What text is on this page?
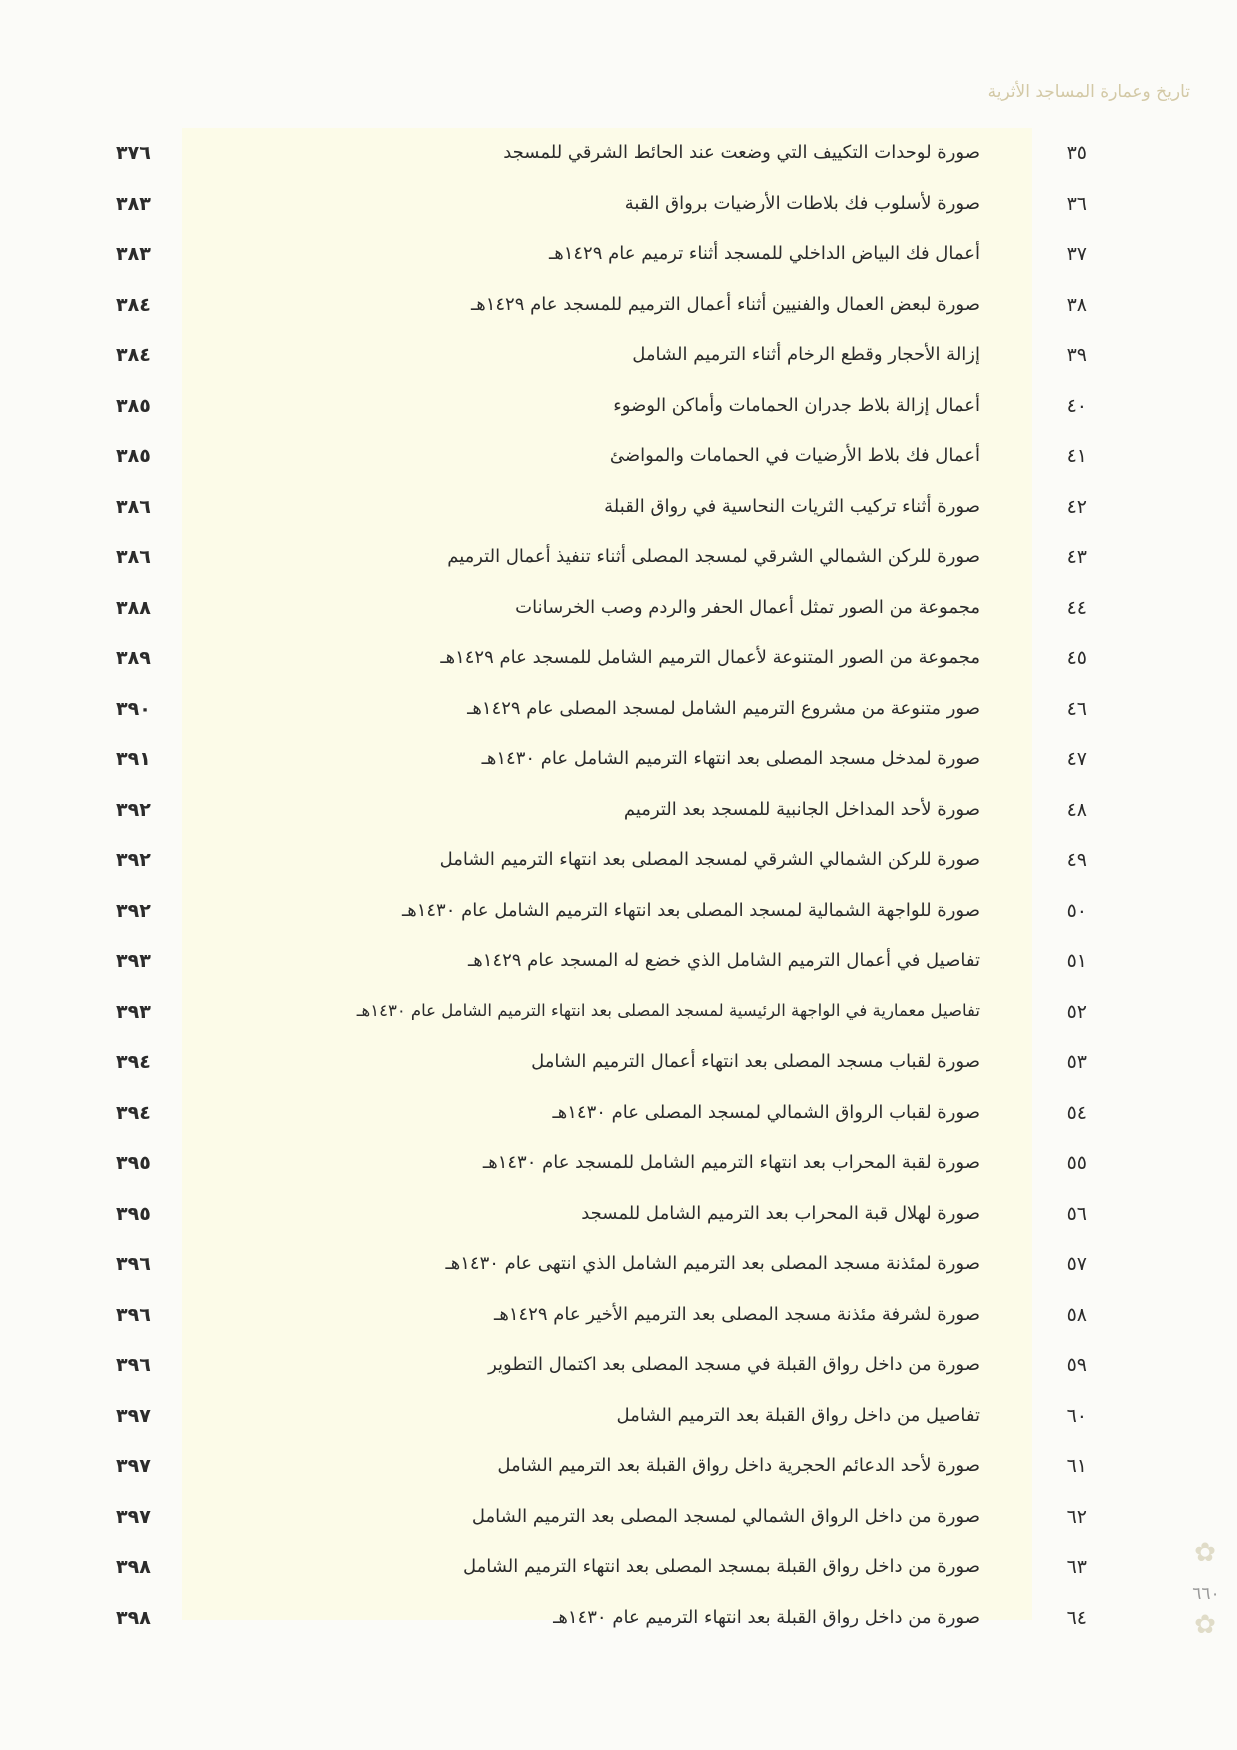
تاريخ وعمارة المساجد الأثرية
٣٥
صورة لوحدات التكييف التي وضعت عند الحائط الشرقي للمسجد
٣٧٦
٣٦
صورة لأسلوب فك بلاطات الأرضيات برواق القبة
٣٨٣
٣٧
أعمال فك البياض الداخلي للمسجد أثناء ترميم عام ١٤٢٩هـ
٣٨٣
٣٨
صورة لبعض العمال والفنيين أثناء أعمال الترميم للمسجد عام ١٤٢٩هـ
٣٨٤
٣٩
إزالة الأحجار وقطع الرخام أثناء الترميم الشامل
٣٨٤
٤٠
أعمال إزالة بلاط جدران الحمامات وأماكن الوضوء
٣٨٥
٤١
أعمال فك بلاط الأرضيات في الحمامات والمواضئ
٣٨٥
٤٢
صورة أثناء تركيب الثريات النحاسية في رواق القبلة
٣٨٦
٤٣
صورة للركن الشمالي الشرقي لمسجد المصلى أثناء تنفيذ أعمال الترميم
٣٨٦
٤٤
مجموعة من الصور تمثل أعمال الحفر والردم وصب الخرسانات
٣٨٨
٤٥
مجموعة من الصور المتنوعة لأعمال الترميم الشامل للمسجد عام ١٤٢٩هـ
٣٨٩
٤٦
صور متنوعة من مشروع الترميم الشامل لمسجد المصلى عام ١٤٢٩هـ
٣٩٠
٤٧
صورة لمدخل مسجد المصلى بعد انتهاء الترميم الشامل عام ١٤٣٠هـ
٣٩١
٤٨
صورة لأحد المداخل الجانبية للمسجد بعد الترميم
٣٩٢
٤٩
صورة للركن الشمالي الشرقي لمسجد المصلى بعد انتهاء الترميم الشامل
٣٩٢
٥٠
صورة للواجهة الشمالية لمسجد المصلى بعد انتهاء الترميم الشامل عام ١٤٣٠هـ
٣٩٢
٥١
تفاصيل في أعمال الترميم الشامل الذي خضع له المسجد عام ١٤٢٩هـ
٣٩٣
٥٢
تفاصيل معمارية في الواجهة الرئيسية لمسجد المصلى بعد انتهاء الترميم الشامل عام ١٤٣٠هـ
٣٩٣
٥٣
صورة لقباب مسجد المصلى بعد انتهاء أعمال الترميم الشامل
٣٩٤
٥٤
صورة لقباب الرواق الشمالي لمسجد المصلى عام ١٤٣٠هـ
٣٩٤
٥٥
صورة لقبة المحراب بعد انتهاء الترميم الشامل للمسجد عام ١٤٣٠هـ
٣٩٥
٥٦
صورة لهلال قبة المحراب بعد الترميم الشامل للمسجد
٣٩٥
٥٧
صورة لمئذنة مسجد المصلى بعد الترميم الشامل الذي انتهى عام ١٤٣٠هـ
٣٩٦
٥٨
صورة لشرفة مئذنة مسجد المصلى بعد الترميم الأخير عام ١٤٢٩هـ
٣٩٦
٥٩
صورة من داخل رواق القبلة في مسجد المصلى بعد اكتمال التطوير
٣٩٦
٦٠
تفاصيل من داخل رواق القبلة بعد الترميم الشامل
٣٩٧
٦١
صورة لأحد الدعائم الحجرية داخل رواق القبلة بعد الترميم الشامل
٣٩٧
٦٢
صورة من داخل الرواق الشمالي لمسجد المصلى بعد الترميم الشامل
٣٩٧
٦٣
صورة من داخل رواق القبلة بمسجد المصلى بعد انتهاء الترميم الشامل
٣٩٨
٦٤
صورة من داخل رواق القبلة بعد انتهاء الترميم عام ١٤٣٠هـ
٣٩٨
✿
٦٦٠
✿
